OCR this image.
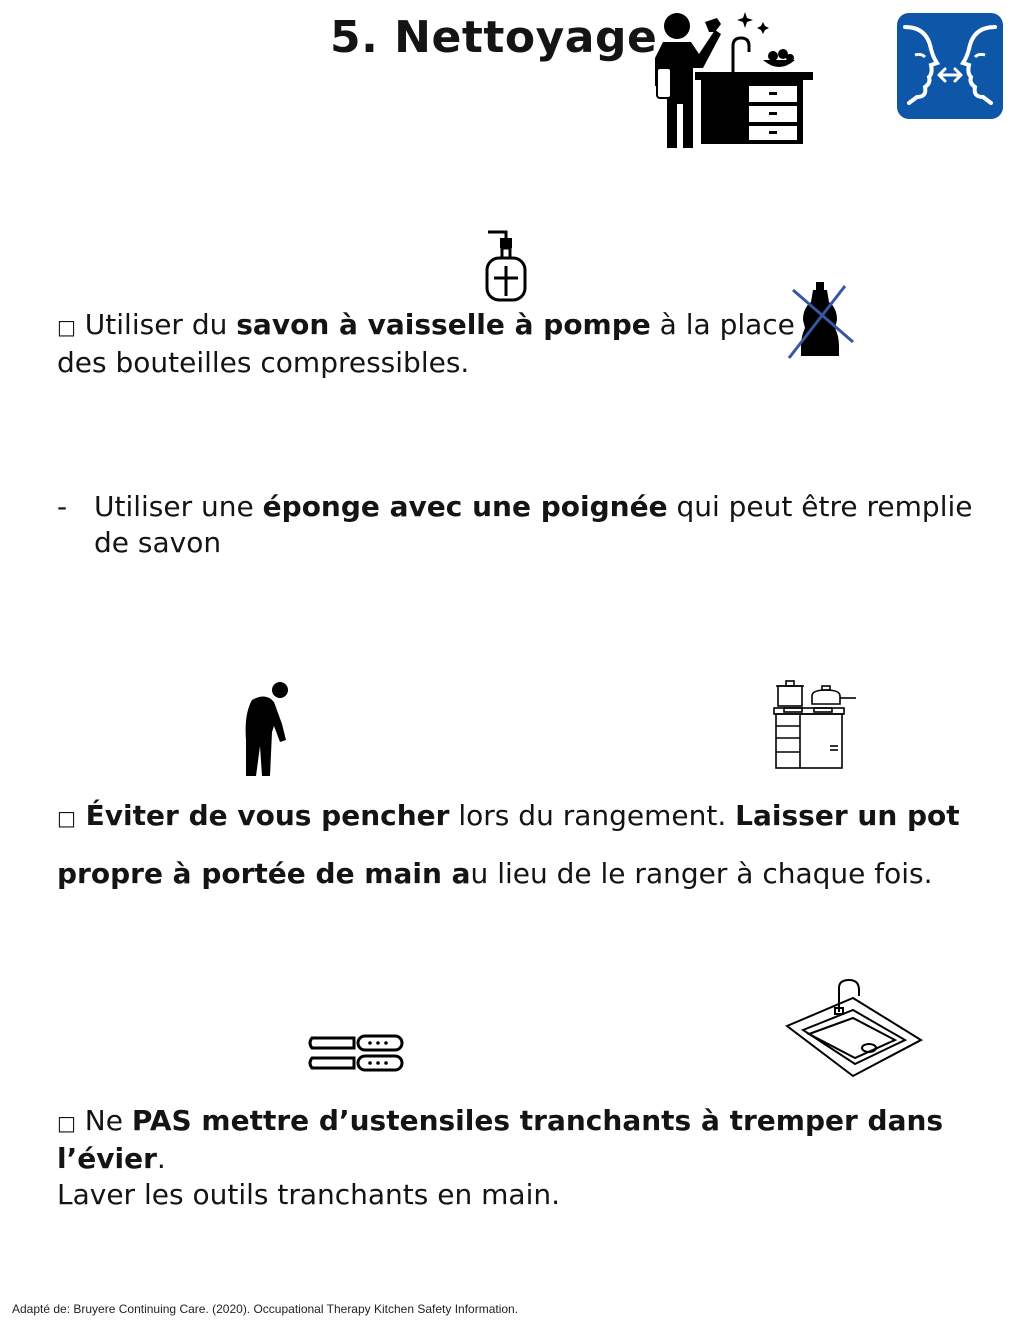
5. Nettoyage
□ Utiliser du savon à vaisselle à pompe à la place
des bouteilles compressibles.
- Utiliser une éponge avec une poignée qui peut être remplie
de savon
□ Éviter de vous pencher lors du rangement. Laisser un pot
propre à portée de main au lieu de le ranger à chaque fois.
□ Ne PAS mettre d’ustensiles tranchants à tremper dans l’évier.
Laver les outils tranchants en main.
Adapté de: Bruyere Continuing Care. (2020). Occupational Therapy Kitchen Safety Information.
